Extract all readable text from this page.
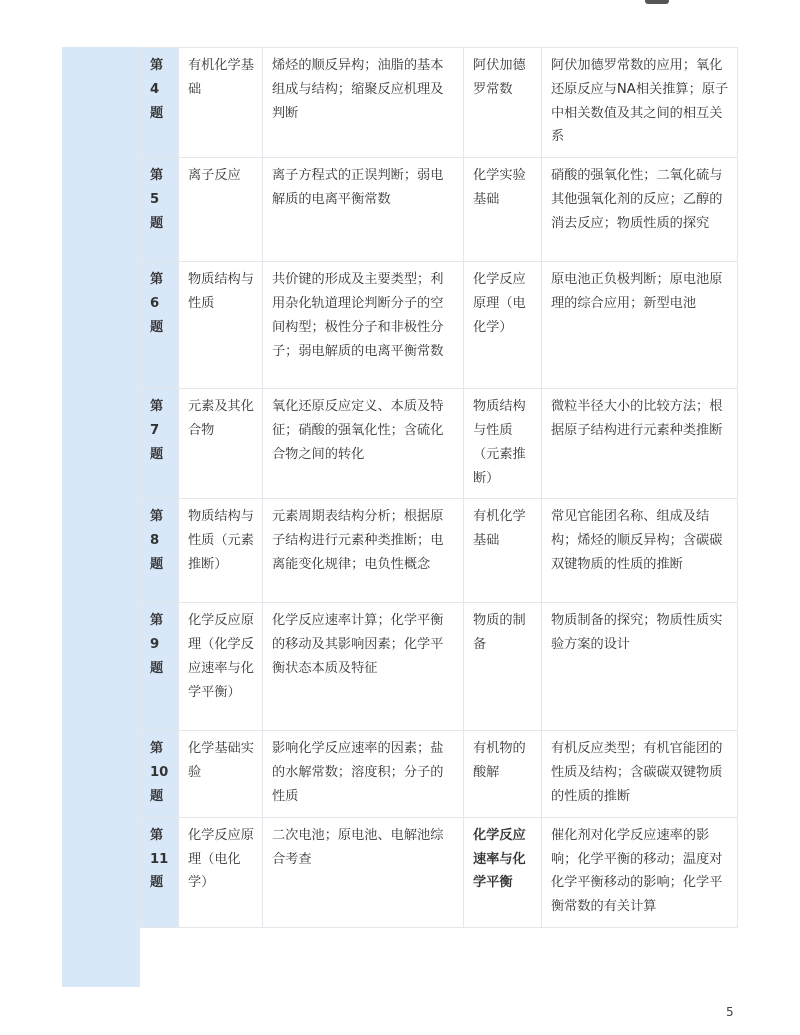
第
4
题	有机化学基础	烯烃的顺反异构；油脂的基本组成与结构；缩聚反应机理及判断	阿伏加德罗常数	阿伏加德罗常数的应用；氧化还原反应与NA相关推算；原子中相关数值及其之间的相互关系

第
5
题	离子反应	离子方程式的正误判断；弱电解质的电离平衡常数	化学实验基础	硝酸的强氧化性；二氧化硫与其他强氧化剂的反应；乙醇的消去反应；物质性质的探究

第
6
题	物质结构与性质	共价键的形成及主要类型；利用杂化轨道理论判断分子的空间构型；极性分子和非极性分子；弱电解质的电离平衡常数	化学反应原理（电化学）	原电池正负极判断；原电池原理的综合应用；新型电池

第
7
题	元素及其化合物	氧化还原反应定义、本质及特征；硝酸的强氧化性；含硫化合物之间的转化	物质结构与性质（元素推断）	微粒半径大小的比较方法；根据原子结构进行元素种类推断

第
8
题	物质结构与性质（元素推断）	元素周期表结构分析；根据原子结构进行元素种类推断；电离能变化规律；电负性概念	有机化学基础	常见官能团名称、组成及结构；烯烃的顺反异构；含碳碳双键物质的性质的推断

第
9
题	化学反应原理（化学反应速率与化学平衡）	化学反应速率计算；化学平衡的移动及其影响因素；化学平衡状态本质及特征	物质的制备	物质制备的探究；物质性质实验方案的设计

第
10
题	化学基础实验	影响化学反应速率的因素；盐的水解常数；溶度积；分子的性质	有机物的酸解	有机反应类型；有机官能团的性质及结构；含碳碳双键物质的性质的推断

第
11
题	化学反应原理（电化学）	二次电池；原电池、电解池综合考查	化学反应速率与化学平衡	催化剂对化学反应速率的影响；化学平衡的移动；温度对化学平衡移动的影响；化学平衡常数的有关计算
5
